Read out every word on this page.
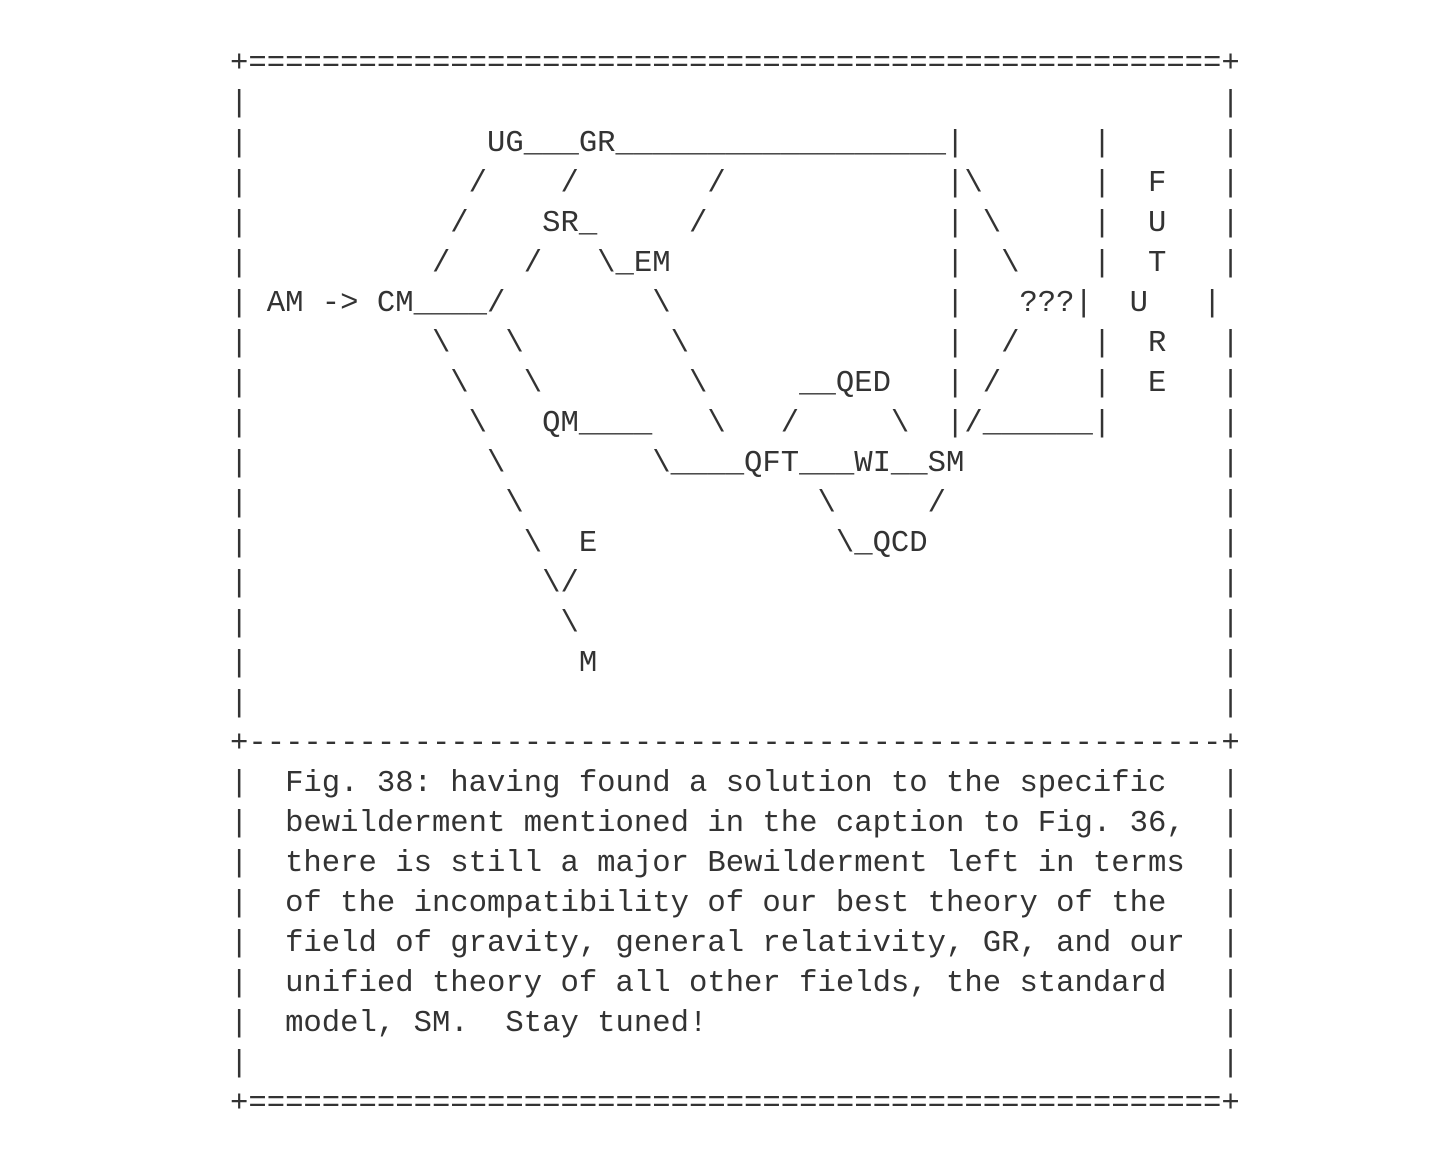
+=====================================================+
|                                                     |
|             UG___GR__________________|       |      |
|            /    /       /            |\      |  F   |
|           /    SR_     /             | \     |  U   |
|          /    /   \_EM               |  \    |  T   |
| AM -> CM____/        \               |   ???|  U   |
|          \   \        \              |  /    |  R   |
|           \   \        \     __QED   | /     |  E   |
|            \   QM____   \   /     \  |/______|      |
|             \        \____QFT___WI__SM              |
|              \                \     /               |
|               \  E             \_QCD                |
|                \/                                   |
|                 \                                   |
|                  M                                  |
|                                                     |
+-----------------------------------------------------+
|  Fig. 38: having found a solution to the specific   |
|  bewilderment mentioned in the caption to Fig. 36,  |
|  there is still a major Bewilderment left in terms  |
|  of the incompatibility of our best theory of the   |
|  field of gravity, general relativity, GR, and our  |
|  unified theory of all other fields, the standard   |
|  model, SM.  Stay tuned!                            |
|                                                     |
+=====================================================+
